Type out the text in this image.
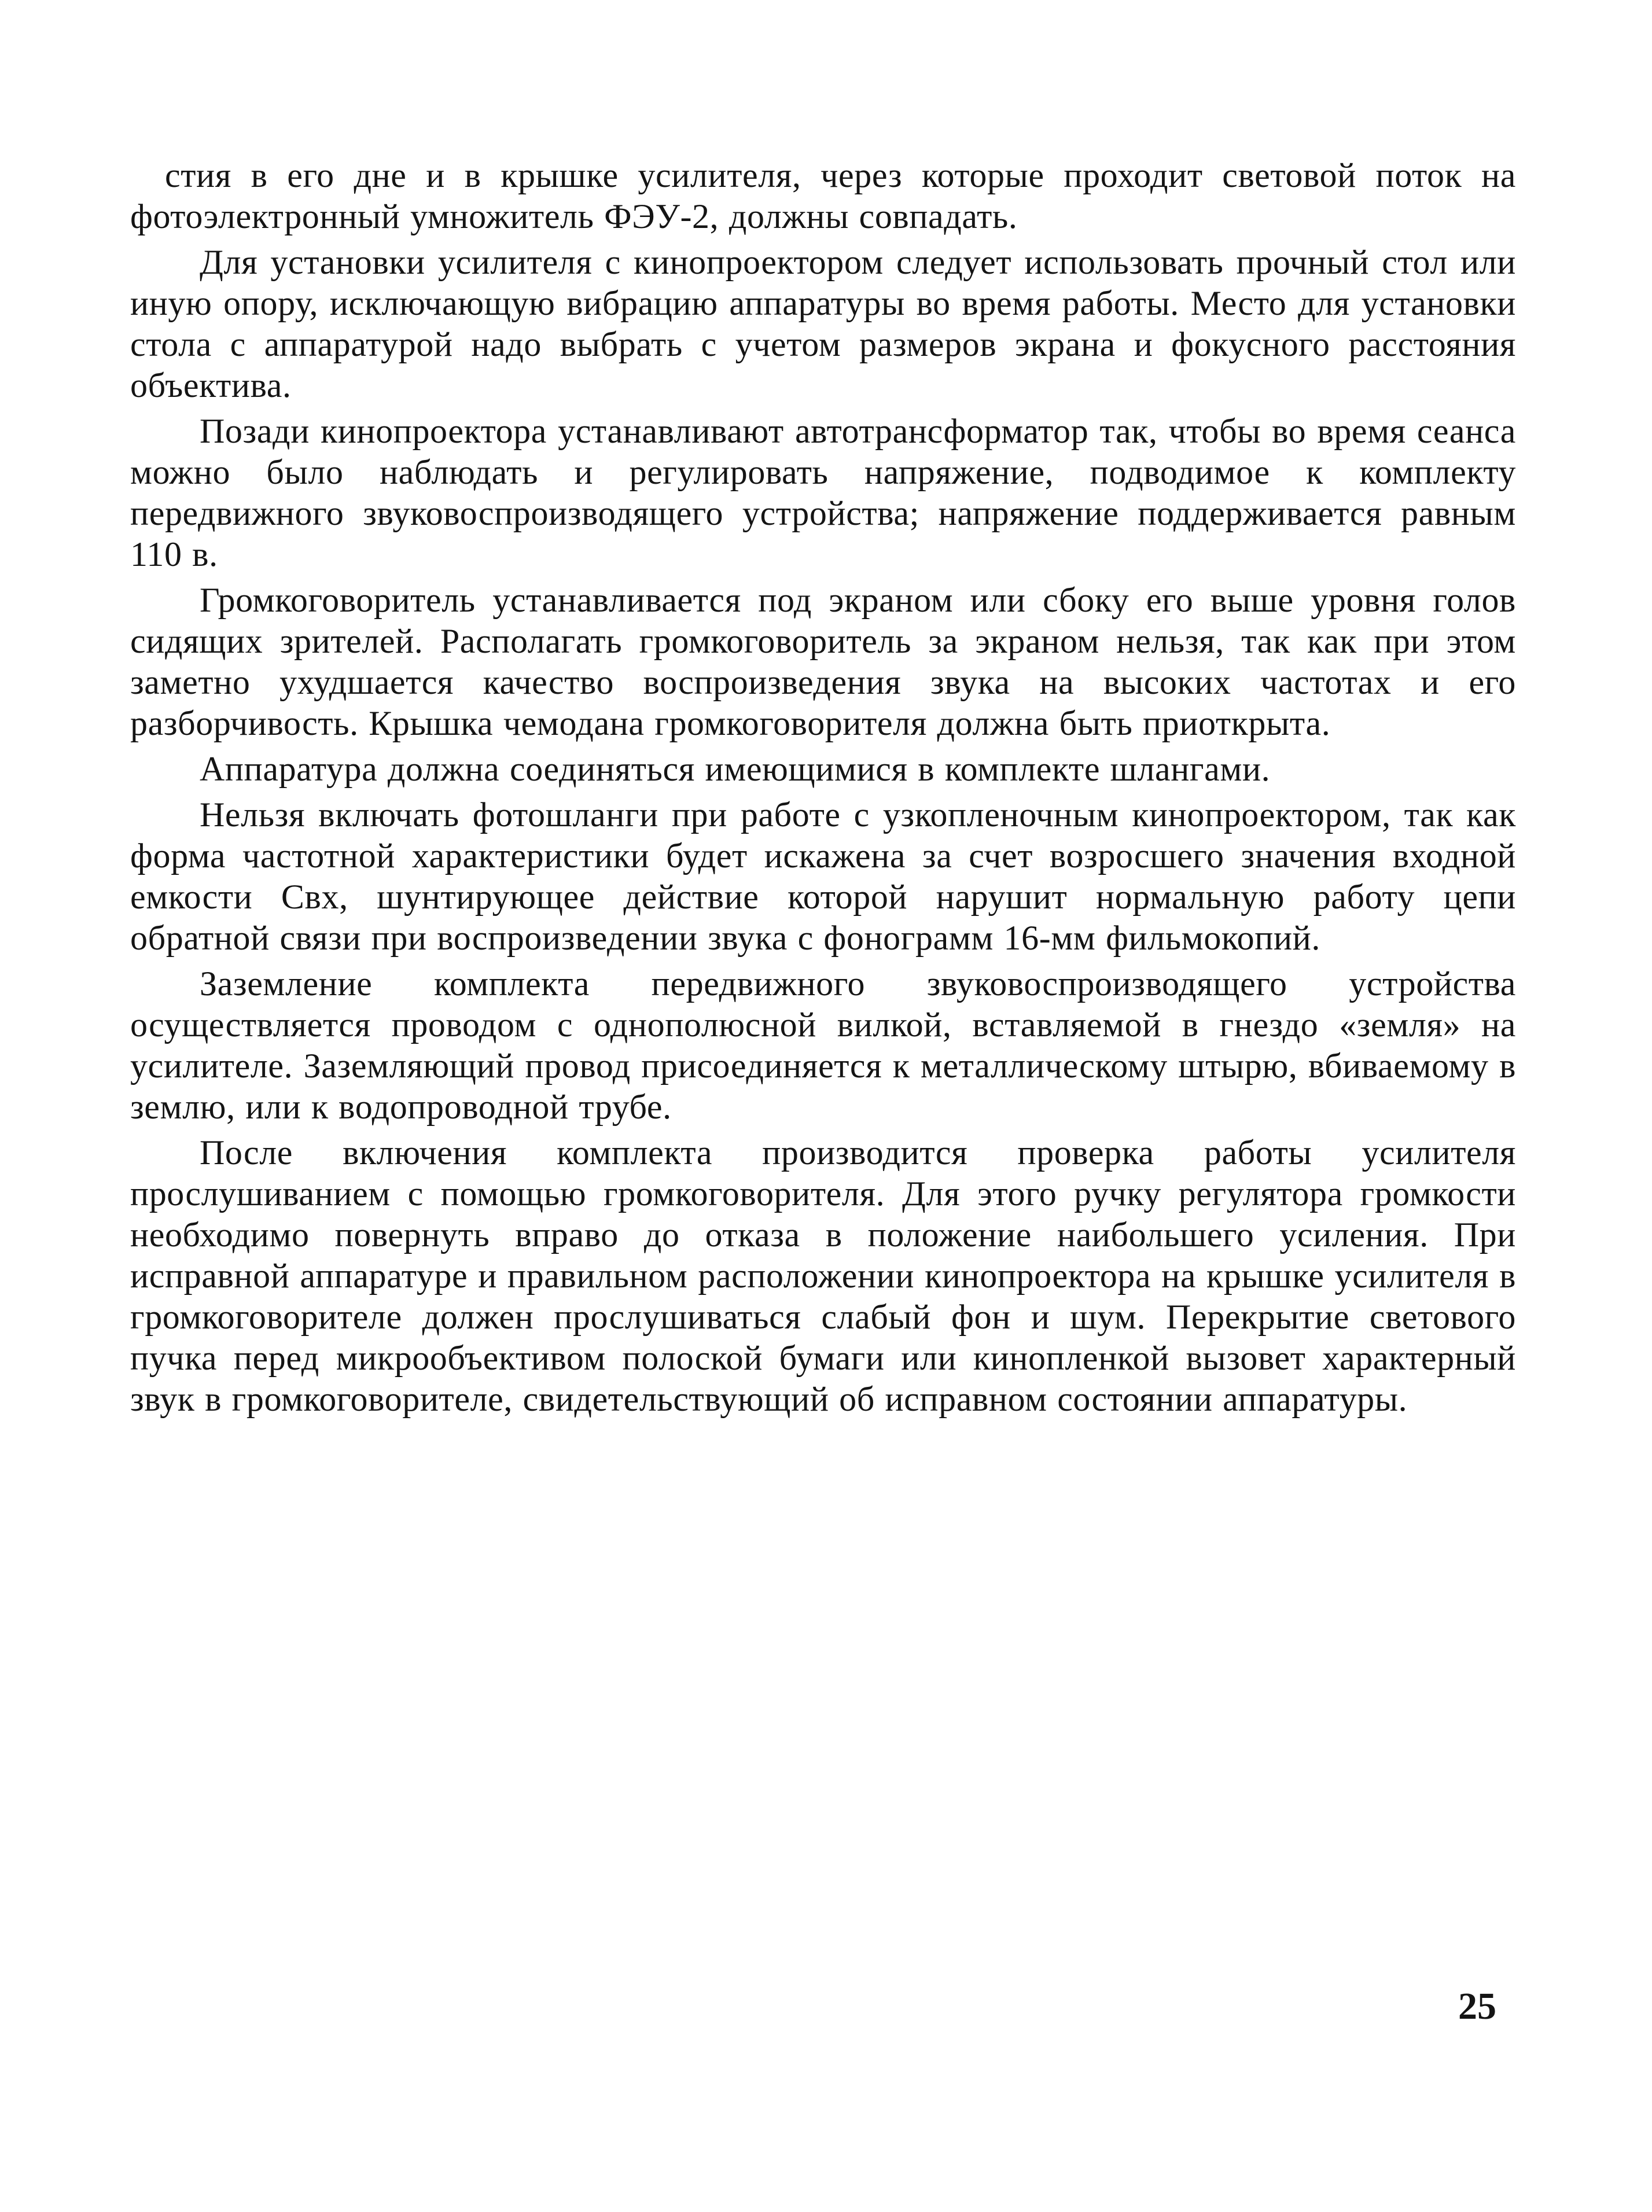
стия в его дне и в крышке усилителя, через которые проходит световой поток на фотоэлектронный умножитель ФЭУ-2, должны совпадать.

Для установки усилителя с кинопроектором следует использовать прочный стол или иную опору, исключающую вибрацию аппаратуры во время работы. Место для установки стола с аппаратурой надо выбрать с учетом размеров экрана и фокусного расстояния объектива.

Позади кинопроектора устанавливают автотрансформатор так, чтобы во время сеанса можно было наблюдать и регулировать напряжение, подводимое к комплекту передвижного звуковоспроизводящего устройства; напряжение поддерживается равным 110 в.

Громкоговоритель устанавливается под экраном или сбоку его выше уровня голов сидящих зрителей. Располагать громкоговоритель за экраном нельзя, так как при этом заметно ухудшается качество воспроизведения звука на высоких частотах и его разборчивость. Крышка чемодана громкоговорителя должна быть приоткрыта.

Аппаратура должна соединяться имеющимися в комплекте шлангами.

Нельзя включать фотошланги при работе с узкопленочным кинопроектором, так как форма частотной характеристики будет искажена за счет возросшего значения входной емкости Свх, шунтирующее действие которой нарушит нормальную работу цепи обратной связи при воспроизведении звука с фонограмм 16-мм фильмокопий.

Заземление комплекта передвижного звуковоспроизводящего устройства осуществляется проводом с однополюсной вилкой, вставляемой в гнездо «земля» на усилителе. Заземляющий провод присоединяется к металлическому штырю, вбиваемому в землю, или к водопроводной трубе.

После включения комплекта производится проверка работы усилителя прослушиванием с помощью громкоговорителя. Для этого ручку регулятора громкости необходимо повернуть вправо до отказа в положение наибольшего усиления. При исправной аппаратуре и правильном расположении кинопроектора на крышке усилителя в громкоговорителе должен прослушиваться слабый фон и шум. Перекрытие светового пучка перед микрообъективом полоской бумаги или кинопленкой вызовет характерный звук в громкоговорителе, свидетельствующий об исправном состоянии аппаратуры.

25
